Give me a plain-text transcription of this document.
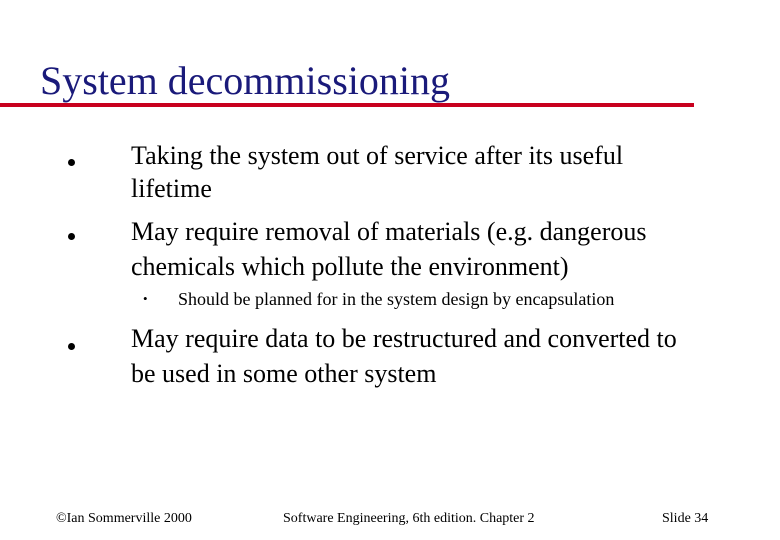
System decommissioning
Taking the system out of service after its useful
lifetime
May require removal of materials (e.g. dangerous
chemicals which pollute the environment)
• Should be planned for in the system design by encapsulation
May require data to be restructured and converted to
be used in some other system
©Ian Sommerville 2000	Software Engineering, 6th edition. Chapter 2	Slide 34
